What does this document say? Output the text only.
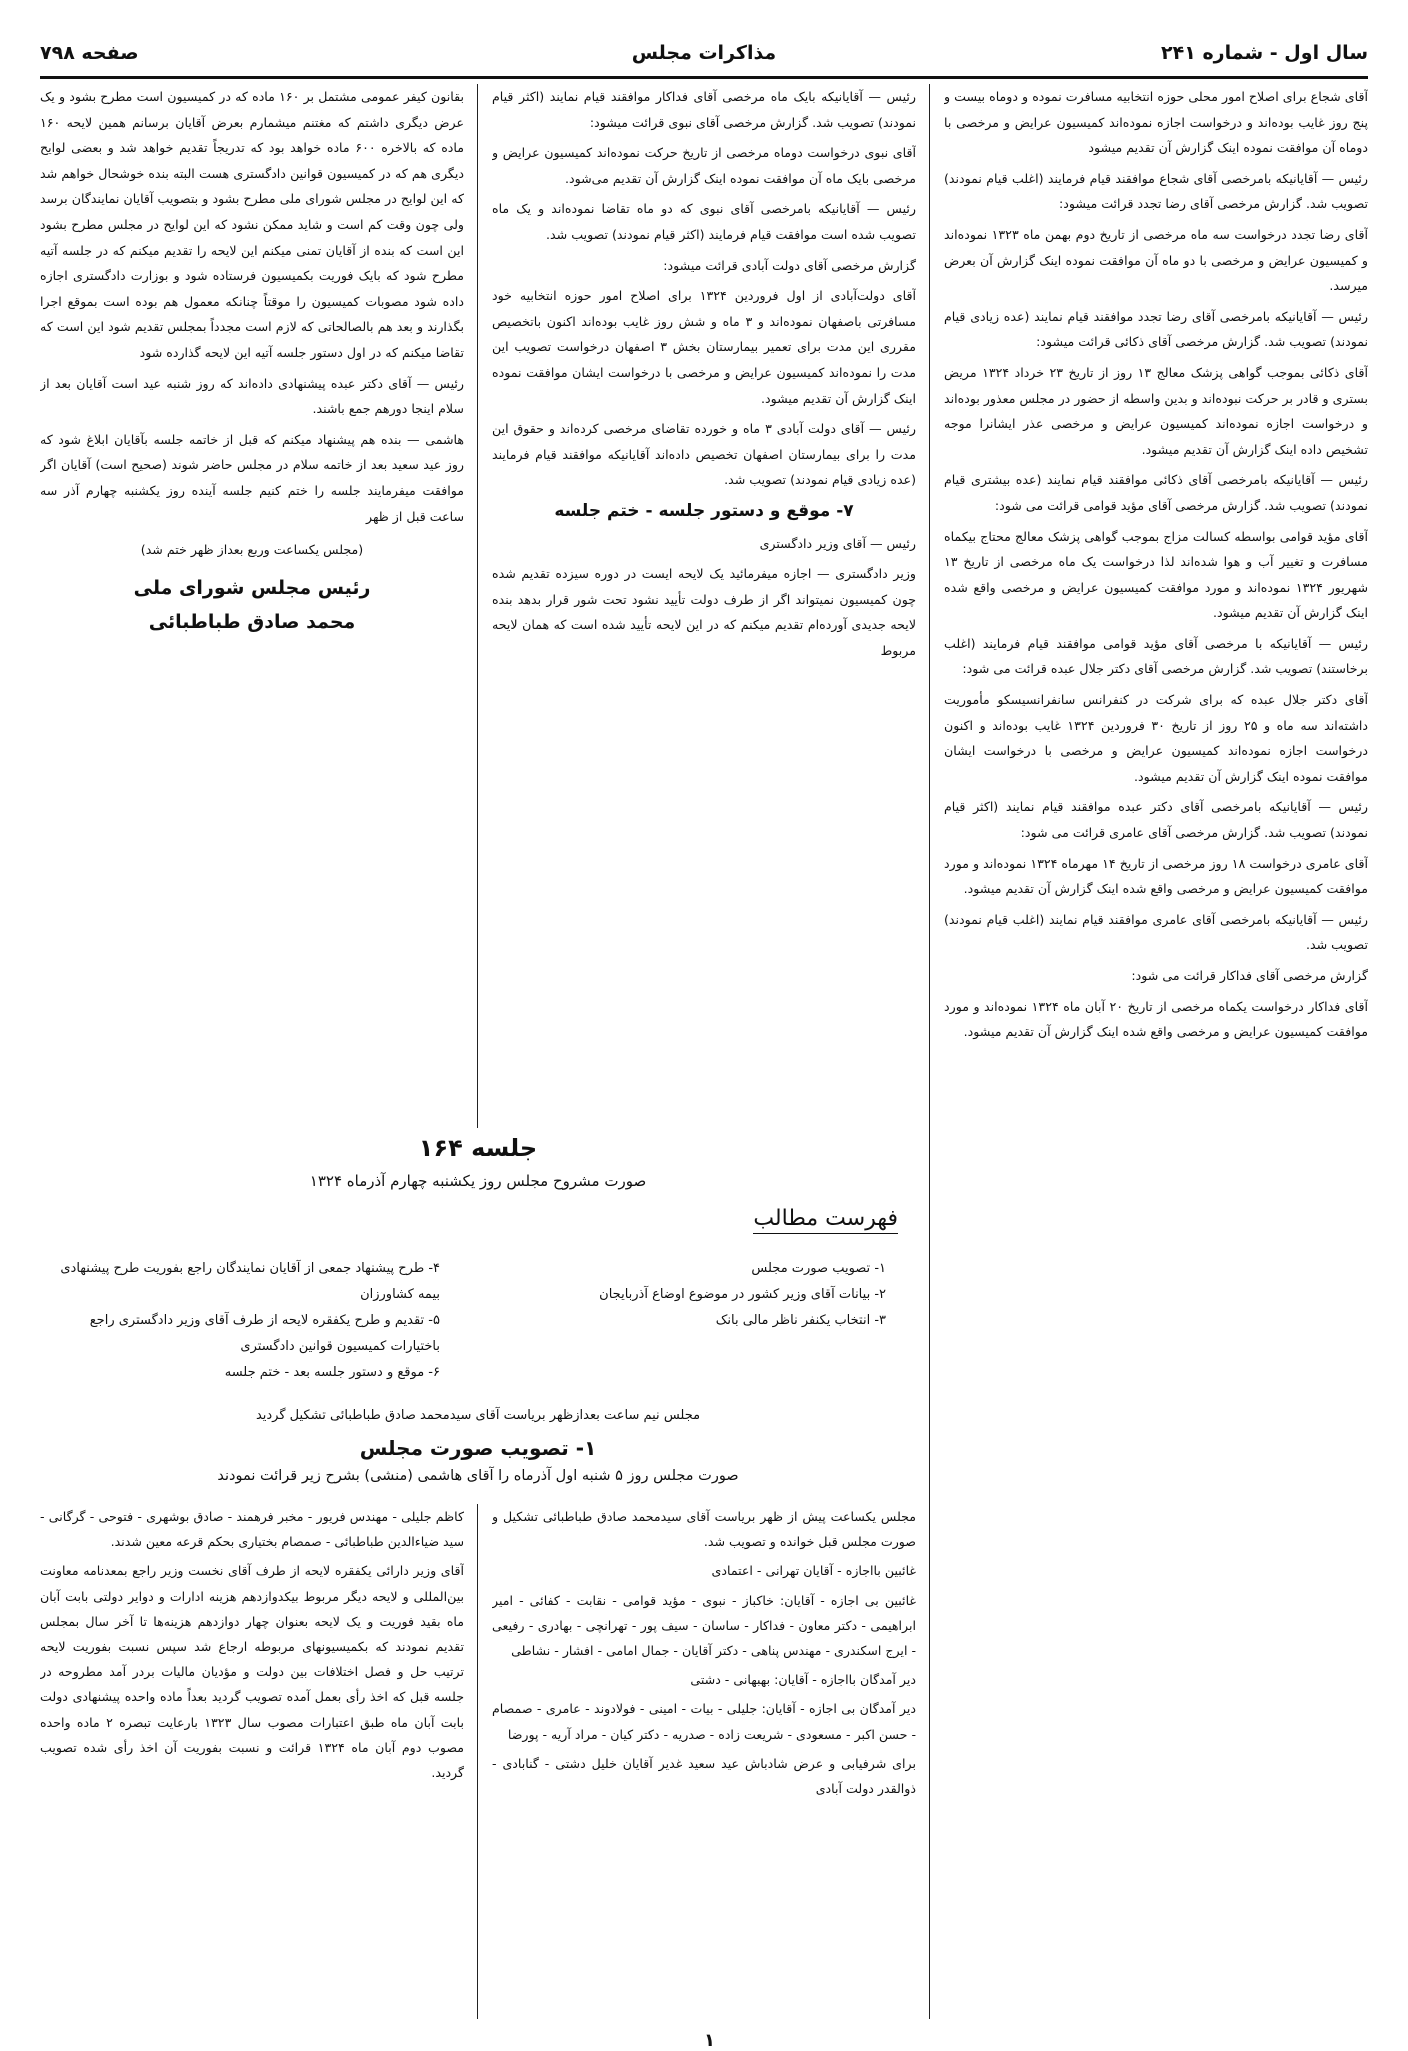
سال اول - شماره ۲۴۱
مذاکرات مجلس
صفحه ۷۹۸

آقای شجاع برای اصلاح امور محلی حوزه انتخابیه مسافرت نموده و دوماه بیست و پنج روز غایب بوده‌اند و درخواست اجازه نموده‌اند کمیسیون عرایض و مرخصی با دوماه آن موافقت نموده اینک گزارش آن تقدیم میشود

رئیس — آقایانیکه بامرخصی آقای شجاع موافقند قیام فرمایند (اغلب قیام نمودند) تصویب شد. گزارش مرخصی آقای رضا تجدد قرائت میشود:

آقای رضا تجدد درخواست سه ماه مرخصی از تاریخ دوم بهمن ماه ۱۳۲۳ نموده‌اند و کمیسیون عرایض و مرخصی با دو ماه آن موافقت نموده اینک گزارش آن بعرض میرسد.

رئیس — آقایانیکه بامرخصی آقای رضا تجدد موافقند قیام نمایند (عده زیادی قیام نمودند) تصویب شد. گزارش مرخصی آقای ذکائی قرائت میشود:

آقای ذکائی بموجب گواهی پزشک معالج ۱۳ روز از تاریخ ۲۳ خرداد ۱۳۲۴ مریض بستری و قادر بر حرکت نبوده‌اند و بدین واسطه از حضور در مجلس معذور بوده‌اند و درخواست اجازه نموده‌اند کمیسیون عرایض و مرخصی عذر ایشانرا موجه تشخیص داده اینک گزارش آن تقدیم میشود.

رئیس — آقایانیکه بامرخصی آقای ذکائی موافقند قیام نمایند (عده بیشتری قیام نمودند) تصویب شد. گزارش مرخصی آقای مؤید قوامی قرائت می شود:

آقای مؤید قوامی بواسطه کسالت مزاج بموجب گواهی پزشک معالج محتاج بیکماه مسافرت و تغییر آب و هوا شده‌اند لذا درخواست یک ماه مرخصی از تاریخ ۱۳ شهریور ۱۳۲۴ نموده‌اند و مورد موافقت کمیسیون عرایض و مرخصی واقع شده اینک گزارش آن تقدیم میشود.

رئیس — آقایانیکه با مرخصی آقای مؤید قوامی موافقند قیام فرمایند (اغلب برخاستند) تصویب شد. گزارش مرخصی آقای دکتر جلال عبده قرائت می شود:

آقای دکتر جلال عبده که برای شرکت در کنفرانس سانفرانسیسکو مأموریت داشته‌اند سه ماه و ۲۵ روز از تاریخ ۳۰ فروردین ۱۳۲۴ غایب بوده‌اند و اکنون درخواست اجازه نموده‌اند کمیسیون عرایض و مرخصی با درخواست ایشان موافقت نموده اینک گزارش آن تقدیم میشود.

رئیس — آقایانیکه بامرخصی آقای دکتر عبده موافقند قیام نمایند (اکثر قیام نمودند) تصویب شد. گزارش مرخصی آقای عامری قرائت می شود:

آقای عامری درخواست ۱۸ روز مرخصی از تاریخ ۱۴ مهرماه ۱۳۲۴ نموده‌اند و مورد موافقت کمیسیون عرایض و مرخصی واقع شده اینک گزارش آن تقدیم میشود.

رئیس — آقایانیکه بامرخصی آقای عامری موافقند قیام نمایند (اغلب قیام نمودند) تصویب شد.

گزارش مرخصی آقای فداکار قرائت می شود:

آقای فداکار درخواست یکماه مرخصی از تاریخ ۲۰ آبان ماه ۱۳۲۴ نموده‌اند و مورد موافقت کمیسیون عرایض و مرخصی واقع شده اینک گزارش آن تقدیم میشود.

رئیس — آقایانیکه بایک ماه مرخصی آقای فداکار موافقند قیام نمایند (اکثر قیام نمودند) تصویب شد. گزارش مرخصی آقای نبوی قرائت میشود:

آقای نبوی درخواست دوماه مرخصی از تاریخ حرکت نموده‌اند کمیسیون عرایض و مرخصی بایک ماه آن موافقت نموده اینک گزارش آن تقدیم می‌شود.

رئیس — آقایانیکه بامرخصی آقای نبوی که دو ماه تقاضا نموده‌اند و یک ماه تصویب شده است موافقت قیام فرمایند (اکثر قیام نمودند) تصویب شد.

گزارش مرخصی آقای دولت آبادی قرائت میشود:

آقای دولت‌آبادی از اول فروردین ۱۳۲۴ برای اصلاح امور حوزه انتخابیه خود مسافرتی باصفهان نموده‌اند و ۳ ماه و شش روز غایب بوده‌اند اکنون باتخصیص مقرری این مدت برای تعمیر بیمارستان بخش ۳ اصفهان درخواست تصویب این مدت را نموده‌اند کمیسیون عرایض و مرخصی با درخواست ایشان موافقت نموده اینک گزارش آن تقدیم میشود.

رئیس — آقای دولت آبادی ۳ ماه و خورده تقاضای مرخصی کرده‌اند و حقوق این مدت را برای بیمارستان اصفهان تخصیص داده‌اند آقایانیکه موافقند قیام فرمایند (عده زیادی قیام نمودند) تصویب شد.

۷- موقع و دستور جلسه - ختم جلسه

رئیس — آقای وزیر دادگستری

وزیر دادگستری — اجازه میفرمائید یک لایحه ایست در دوره سیزده تقدیم شده چون کمیسیون نمیتواند اگر از طرف دولت تأیید نشود تحت شور قرار بدهد بنده لایحه جدیدی آورده‌ام تقدیم میکنم که در این لایحه تأیید شده است که همان لایحه مربوط

بقانون کیفر عمومی مشتمل بر ۱۶۰ ماده که در کمیسیون است مطرح بشود و یک عرض دیگری داشتم که مغتنم میشمارم بعرض آقایان برسانم همین لایحه ۱۶۰ ماده که بالاخره ۶۰۰ ماده خواهد بود که تدریجاً تقدیم خواهد شد و بعضی لوایح دیگری هم که در کمیسیون قوانین دادگستری هست البته بنده خوشحال خواهم شد که این لوایح در مجلس شورای ملی مطرح بشود و بتصویب آقایان نمایندگان برسد ولی چون وقت کم است و شاید ممکن نشود که این لوایح در مجلس مطرح بشود این است که بنده از آقایان تمنی میکنم این لایحه را تقدیم میکنم که در جلسه آتیه مطرح شود که بایک فوریت بکمیسیون فرستاده شود و بوزارت دادگستری اجازه داده شود مصوبات کمیسیون را موقتاً چنانکه معمول هم بوده است بموقع اجرا بگذارند و بعد هم بالصالحاتی که لازم است مجدداً بمجلس تقدیم شود این است که تقاضا میکنم که در اول دستور جلسه آتیه این لایحه گذارده شود

رئیس — آقای دکتر عبده پیشنهادی داده‌اند که روز شنبه عید است آقایان بعد از سلام اینجا دورهم جمع باشند.

هاشمی — بنده هم پیشنهاد میکنم که قبل از خاتمه جلسه بآقایان ابلاغ شود که روز عید سعید بعد از خاتمه سلام در مجلس حاضر شوند (صحیح است) آقایان اگر موافقت میفرمایند جلسه را ختم کنیم جلسه آینده روز یکشنبه چهارم آذر سه ساعت قبل از ظهر

(مجلس یکساعت وربع بعداز ظهر ختم شد)
رئیس مجلس شورای ملی
محمد صادق طباطبائی
جلسه ۱۶۴
صورت مشروح مجلس روز یکشنبه چهارم آذرماه ۱۳۲۴
فهرست مطالب
۱- تصویب صورت مجلس
۲- بیانات آقای وزیر کشور در موضوع اوضاع آذربایجان
۳- انتخاب یکنفر ناظر مالی بانک
۴- طرح پیشنهاد جمعی از آقایان نمایندگان راجع بفوریت طرح پیشنهادی بیمه کشاورزان
۵- تقدیم و طرح یکفقره لایحه از طرف آقای وزیر دادگستری راجع باختیارات کمیسیون قوانین دادگستری
۶- موقع و دستور جلسه بعد - ختم جلسه
مجلس نیم ساعت بعدازظهر بریاست آقای سیدمحمد صادق طباطبائی تشکیل گردید
۱- تصویب صورت مجلس
صورت مجلس روز ۵ شنبه اول آذرماه را آقای هاشمی (منشی) بشرح زیر قرائت نمودند

مجلس یکساعت پیش از ظهر بریاست آقای سیدمحمد صادق طباطبائی تشکیل و صورت مجلس قبل خوانده و تصویب شد.

غائبین بااجازه - آقایان تهرانی - اعتمادی

غائبین بی اجازه - آقایان: خاکباز - نبوی - مؤید قوامی - نقابت - کفائی - امیر ابراهیمی - دکتر معاون - فداکار - ساسان - سیف پور - تهرانچی - بهادری - رفیعی - ایرج اسکندری - مهندس پناهی - دکتر آقایان - جمال امامی - افشار - نشاطی

دیر آمدگان بااجازه - آقایان: بهبهانی - دشتی

دیر آمدگان بی اجازه - آقایان: جلیلی - بیات - امینی - فولادوند - عامری - صمصام - حسن اکبر - مسعودی - شریعت زاده - صدریه - دکتر کیان - مراد آریه - پورضا

برای شرفیابی و عرض شادباش عید سعید غدیر آقایان خلیل دشتی - گنابادی - ذوالقدر دولت آبادی

کاظم جلیلی - مهندس فریور - مخبر فرهمند - صادق بوشهری - فتوحی - گرگانی - سید ضیاءالدین طباطبائی - صمصام بختیاری بحکم قرعه معین شدند.

آقای وزیر دارائی یکفقره لایحه از طرف آقای نخست وزیر راجع بمعدنامه معاونت بین‌المللی و لایحه دیگر مربوط بیکدوازدهم هزینه ادارات و دوایر دولتی بابت آبان ماه بقید فوریت و یک لایحه بعنوان چهار دوازدهم هزینه‌ها تا آخر سال بمجلس تقدیم نمودند که بکمیسیونهای مربوطه ارجاع شد سپس نسبت بفوریت لایحه ترتیب حل و فصل اختلافات بین دولت و مؤدیان مالیات بردر آمد مطروحه در جلسه قبل که اخذ رأی بعمل آمده تصویب گردید بعداً ماده واحده پیشنهادی دولت بابت آبان ماه طبق اعتبارات مصوب سال ۱۳۲۳ بارعایت تبصره ۲ ماده واحده مصوب دوم آبان ماه ۱۳۲۴ قرائت و نسبت بفوریت آن اخذ رأی شده تصویب گردید.

۱
